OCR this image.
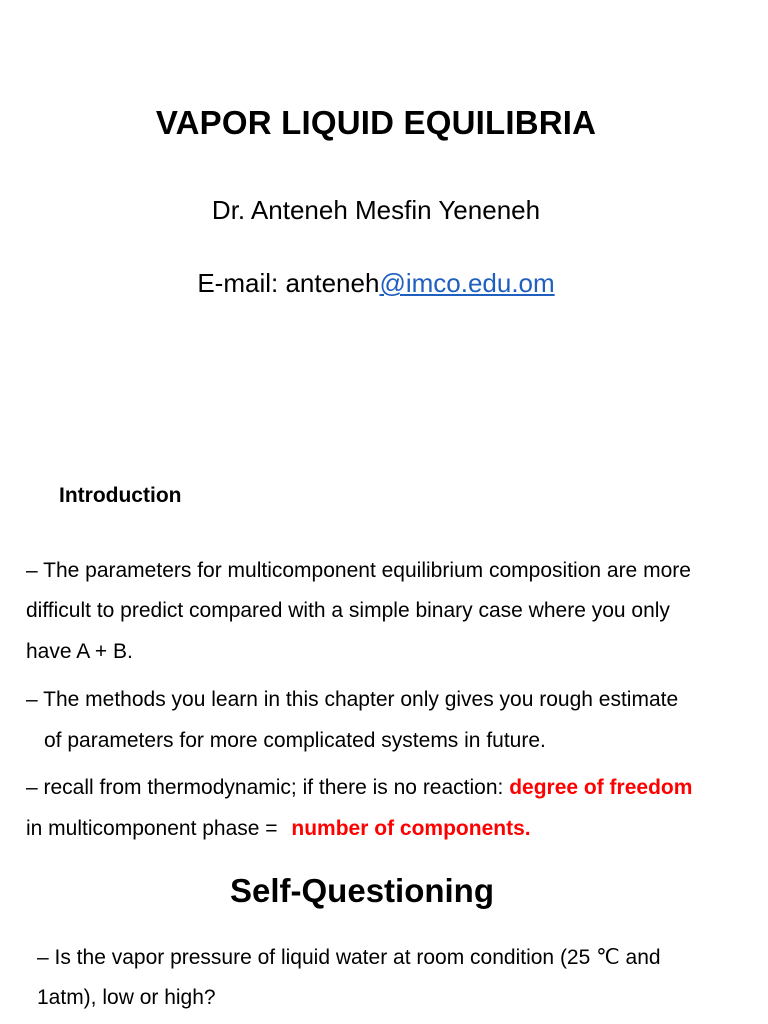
VAPOR LIQUID EQUILIBRIA
Dr. Anteneh Mesfin Yeneneh
E-mail: anteneh@imco.edu.om
Introduction
– The parameters for multicomponent equilibrium composition are more
difficult to predict compared with a simple binary case where you only
have A + B.
– The methods you learn in this chapter only gives you rough estimate
of parameters for more complicated systems in future.
– recall from thermodynamic; if there is no reaction: degree of freedom
in multicomponent phase = number of components.
Self-Questioning
– Is the vapor pressure of liquid water at room condition (25 ℃ and
1atm), low or high?
